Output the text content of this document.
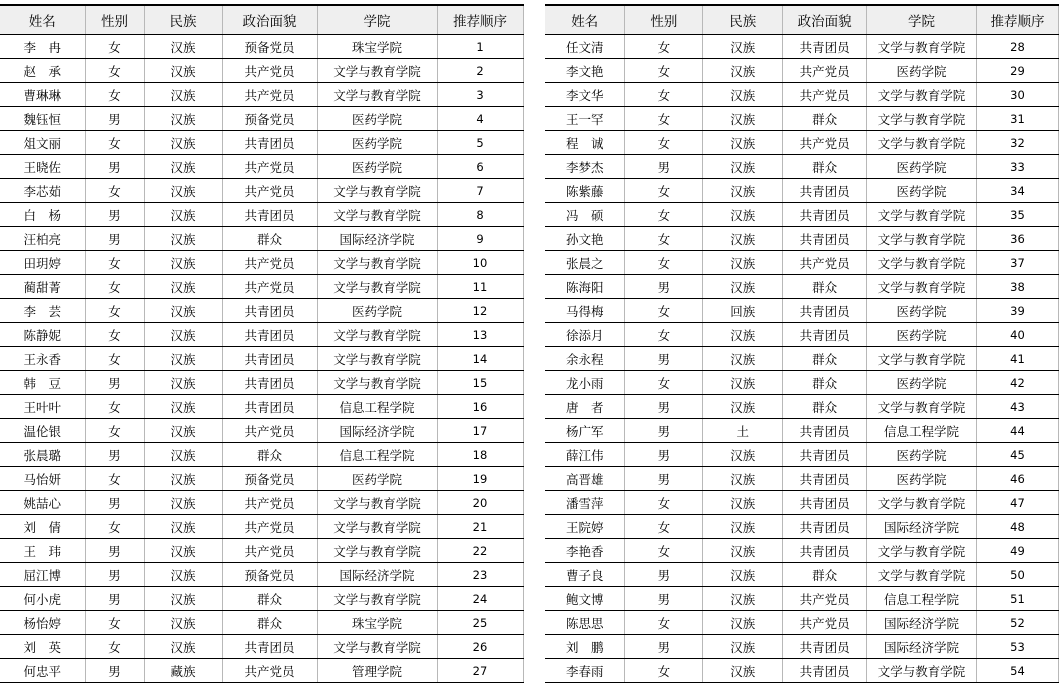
姓名	性别	民族	政治面貌	学院	推荐顺序
李　冉	女	汉族	预备党员	珠宝学院	1
赵　承	女	汉族	共产党员	文学与教育学院	2
曹琳琳	女	汉族	共产党员	文学与教育学院	3
魏钰恒	男	汉族	预备党员	医药学院	4
俎文丽	女	汉族	共青团员	医药学院	5
王晓佐	男	汉族	共产党员	医药学院	6
李芯茹	女	汉族	共产党员	文学与教育学院	7
白　杨	男	汉族	共青团员	文学与教育学院	8
汪柏亮	男	汉族	群众	国际经济学院	9
田玥婷	女	汉族	共产党员	文学与教育学院	10
蔺甜菁	女	汉族	共产党员	文学与教育学院	11
李　芸	女	汉族	共青团员	医药学院	12
陈静妮	女	汉族	共青团员	文学与教育学院	13
王永香	女	汉族	共青团员	文学与教育学院	14
韩　豆	男	汉族	共青团员	文学与教育学院	15
王叶叶	女	汉族	共青团员	信息工程学院	16
温伦银	女	汉族	共产党员	国际经济学院	17
张晨璐	男	汉族	群众	信息工程学院	18
马怡妍	女	汉族	预备党员	医药学院	19
姚喆心	男	汉族	共产党员	文学与教育学院	20
刘　倩	女	汉族	共产党员	文学与教育学院	21
王　玮	男	汉族	共产党员	文学与教育学院	22
屈江博	男	汉族	预备党员	国际经济学院	23
何小虎	男	汉族	群众	文学与教育学院	24
杨怡婷	女	汉族	群众	珠宝学院	25
刘　英	女	汉族	共青团员	文学与教育学院	26
何忠平	男	藏族	共产党员	管理学院	27
姓名	性别	民族	政治面貌	学院	推荐顺序
任文清	女	汉族	共青团员	文学与教育学院	28
李文艳	女	汉族	共产党员	医药学院	29
李文华	女	汉族	共产党员	文学与教育学院	30
王一罕	女	汉族	群众	文学与教育学院	31
程　诚	女	汉族	共产党员	文学与教育学院	32
李梦杰	男	汉族	群众	医药学院	33
陈紫藤	女	汉族	共青团员	医药学院	34
冯　硕	女	汉族	共青团员	文学与教育学院	35
孙文艳	女	汉族	共青团员	文学与教育学院	36
张晨之	女	汉族	共产党员	文学与教育学院	37
陈海阳	男	汉族	群众	文学与教育学院	38
马得梅	女	回族	共青团员	医药学院	39
徐添月	女	汉族	共青团员	医药学院	40
余永程	男	汉族	群众	文学与教育学院	41
龙小雨	女	汉族	群众	医药学院	42
唐　者	男	汉族	群众	文学与教育学院	43
杨广军	男	土	共青团员	信息工程学院	44
薛江伟	男	汉族	共青团员	医药学院	45
高晋雄	男	汉族	共青团员	医药学院	46
潘雪萍	女	汉族	共青团员	文学与教育学院	47
王院婷	女	汉族	共青团员	国际经济学院	48
李艳香	女	汉族	共青团员	文学与教育学院	49
曹子良	男	汉族	群众	文学与教育学院	50
鲍文博	男	汉族	共产党员	信息工程学院	51
陈思思	女	汉族	共产党员	国际经济学院	52
刘　鹏	男	汉族	共青团员	国际经济学院	53
李春雨	女	汉族	共青团员	文学与教育学院	54
